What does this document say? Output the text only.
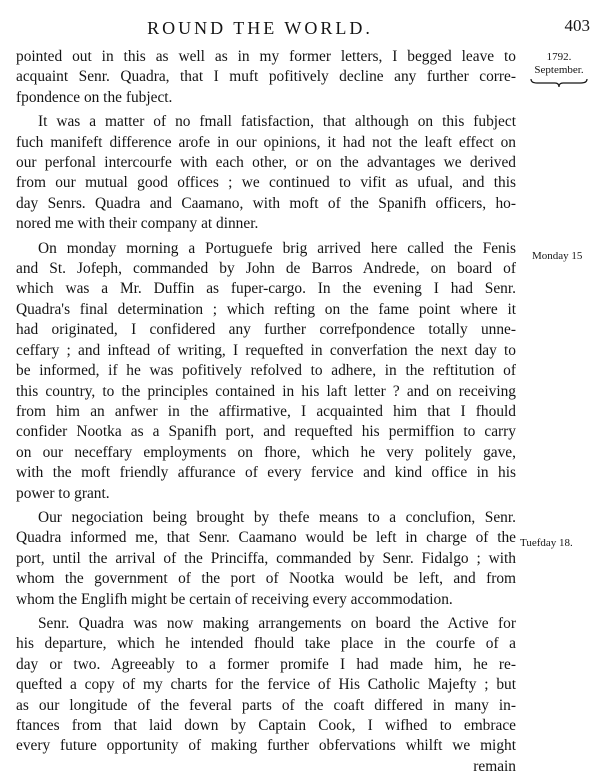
ROUND THE WORLD.	403
1792.
September.
Monday 15
Tuefday 18.
pointed out in this as well as in my former letters, I begged leave to
acquaint Senr. Quadra, that I muft pofitively decline any further corre-
fpondence on the fubject.
It was a matter of no fmall fatisfaction, that although on this fubject
fuch manifeft difference arofe in our opinions, it had not the leaft effect on
our perfonal intercourfe with each other, or on the advantages we derived
from our mutual good offices ; we continued to vifit as ufual, and this
day Senrs. Quadra and Caamano, with moft of the Spanifh officers, ho-
nored me with their company at dinner.
On monday morning a Portuguefe brig arrived here called the Fenis
and St. Jofeph, commanded by John de Barros Andrede, on board of
which was a Mr. Duffin as fuper-cargo. In the evening I had Senr.
Quadra's final determination ; which refting on the fame point where it
had originated, I confidered any further correfpondence totally unne-
ceffary ; and inftead of writing, I requefted in converfation the next day to
be informed, if he was pofitively refolved to adhere, in the reftitution of
this country, to the principles contained in his laft letter ? and on receiving
from him an anfwer in the affirmative, I acquainted him that I fhould
confider Nootka as a Spanifh port, and requefted his permiffion to carry
on our neceffary employments on fhore, which he very politely gave,
with the moft friendly affurance of every fervice and kind office in his
power to grant.
Our negociation being brought by thefe means to a conclufion, Senr.
Quadra informed me, that Senr. Caamano would be left in charge of the
port, until the arrival of the Princiffa, commanded by Senr. Fidalgo ; with
whom the government of the port of Nootka would be left, and from
whom the Englifh might be certain of receiving every accommodation.
Senr. Quadra was now making arrangements on board the Active for
his departure, which he intended fhould take place in the courfe of a
day or two. Agreeably to a former promife I had made him, he re-
quefted a copy of my charts for the fervice of His Catholic Majefty ; but
as our longitude of the feveral parts of the coaft differed in many in-
ftances from that laid down by Captain Cook, I wifhed to embrace
every future opportunity of making further obfervations whilft we might
remain
